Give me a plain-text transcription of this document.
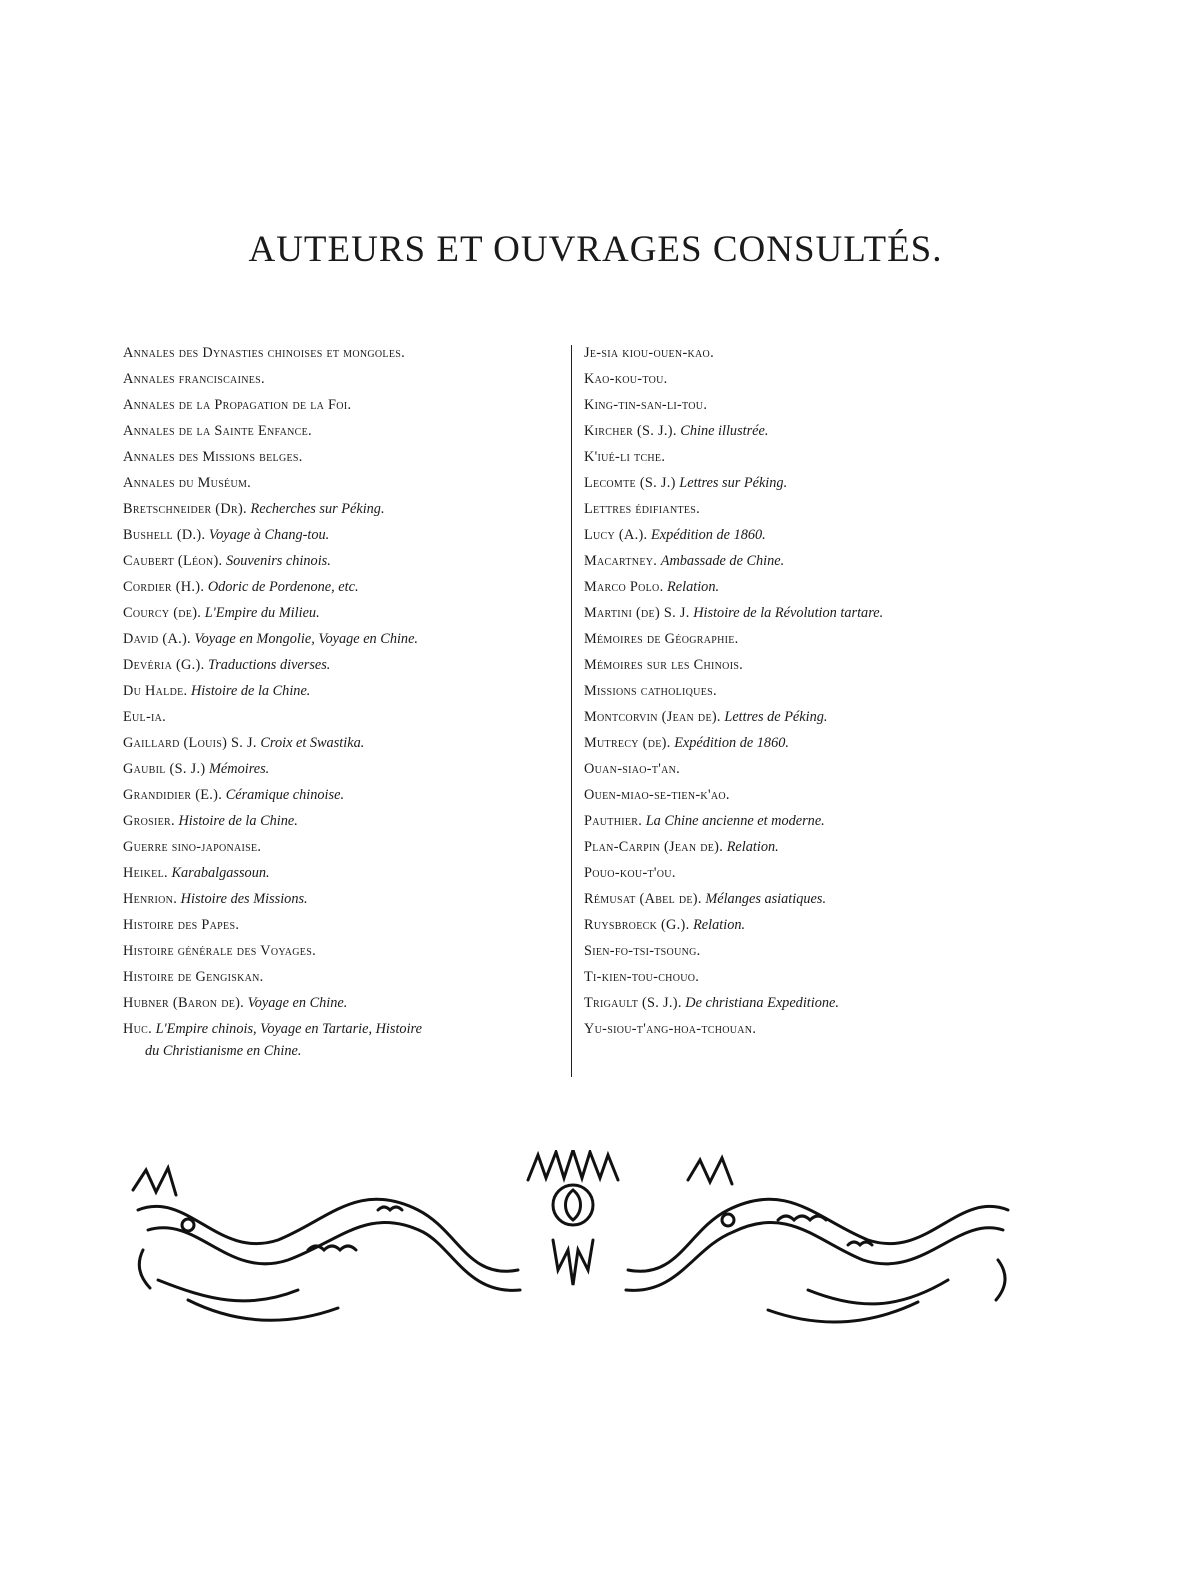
AUTEURS ET OUVRAGES CONSULTÉS.
Annales des Dynasties chinoises et mongoles.
Annales franciscaines.
Annales de la Propagation de la Foi.
Annales de la Sainte Enfance.
Annales des Missions belges.
Annales du Muséum.
Bretschneider (Dr). Recherches sur Péking.
Bushell (D.). Voyage à Chang-tou.
Caubert (Léon). Souvenirs chinois.
Cordier (H.). Odoric de Pordenone, etc.
Courcy (de). L'Empire du Milieu.
David (A.). Voyage en Mongolie, Voyage en Chine.
Devéria (G.). Traductions diverses.
Du Halde. Histoire de la Chine.
Eul-ia.
Gaillard (Louis) S. J. Croix et Swastika.
Gaubil (S. J.) Mémoires.
Grandidier (E.). Céramique chinoise.
Grosier. Histoire de la Chine.
Guerre sino-japonaise.
Heikel. Karabalgassoun.
Henrion. Histoire des Missions.
Histoire des Papes.
Histoire générale des Voyages.
Histoire de Gengiskan.
Hubner (Baron de). Voyage en Chine.
Huc. L'Empire chinois, Voyage en Tartarie, Histoire
du Christianisme en Chine.
Je-sia kiou-ouen-kao.
Kao-kou-tou.
King-tin-san-li-tou.
Kircher (S. J.). Chine illustrée.
K'iué-li tche.
Lecomte (S. J.) Lettres sur Péking.
Lettres édifiantes.
Lucy (A.). Expédition de 1860.
Macartney. Ambassade de Chine.
Marco Polo. Relation.
Martini (de) S. J. Histoire de la Révolution tartare.
Mémoires de Géographie.
Mémoires sur les Chinois.
Missions catholiques.
Montcorvin (Jean de). Lettres de Péking.
Mutrecy (de). Expédition de 1860.
Ouan-siao-t'an.
Ouen-miao-se-tien-k'ao.
Pauthier. La Chine ancienne et moderne.
Plan-Carpin (Jean de). Relation.
Pouo-kou-t'ou.
Rémusat (Abel de). Mélanges asiatiques.
Ruysbroeck (G.). Relation.
Sien-fo-tsi-tsoung.
Ti-kien-tou-chouo.
Trigault (S. J.). De christiana Expeditione.
Yu-siou-t'ang-hoa-tchouan.
